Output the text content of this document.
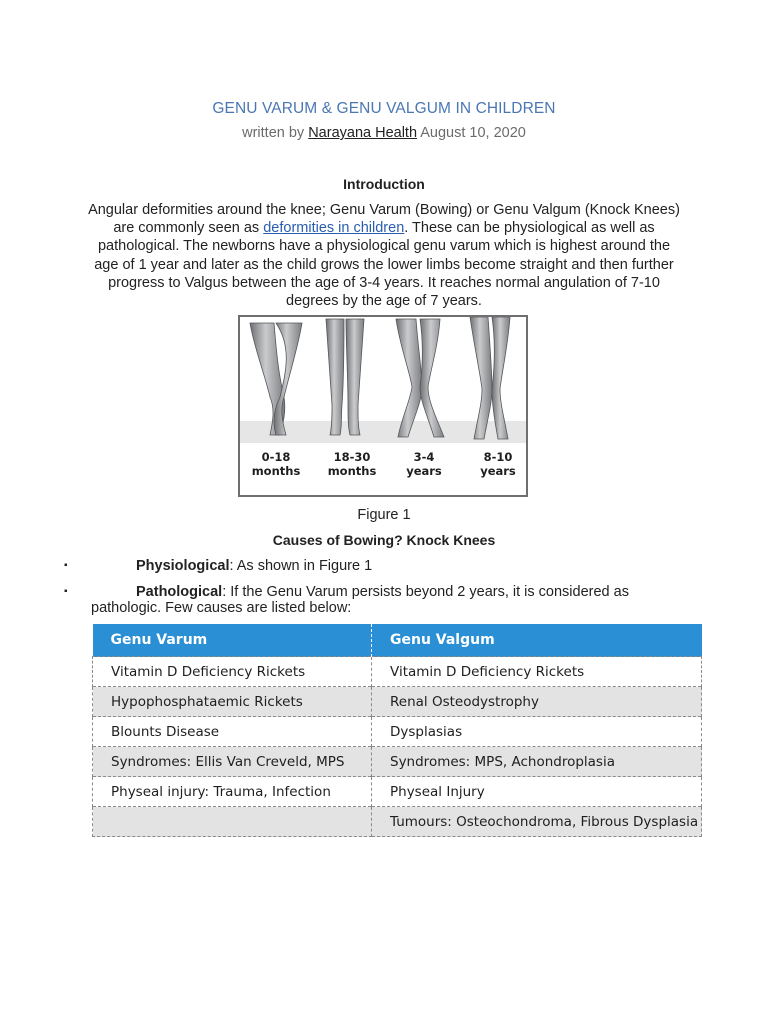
GENU VARUM & GENU VALGUM IN CHILDREN
written by Narayana Health August 10, 2020
Introduction
Angular deformities around the knee; Genu Varum (Bowing) or Genu Valgum (Knock Knees) are commonly seen as deformities in children. These can be physiological as well as pathological. The newborns have a physiological genu varum which is highest around the age of 1 year and later as the child grows the lower limbs become straight and then further progress to Valgus between the age of 3-4 years. It reaches normal angulation of 7-10 degrees by the age of 7 years.
0-18
months
18-30
months
3-4
years
8-10
years
Figure 1
Causes of Bowing? Knock Knees
▪	Physiological: As shown in Figure 1
▪	Pathological: If the Genu Varum persists beyond 2 years, it is considered as
pathologic. Few causes are listed below:
Genu Varum	Genu Valgum
Vitamin D Deficiency Rickets	Vitamin D Deficiency Rickets
Hypophosphataemic Rickets	Renal Osteodystrophy
Blounts Disease	Dysplasias
Syndromes: Ellis Van Creveld, MPS	Syndromes: MPS, Achondroplasia
Physeal injury: Trauma, Infection	Physeal Injury
	Tumours: Osteochondroma, Fibrous Dysplasia
